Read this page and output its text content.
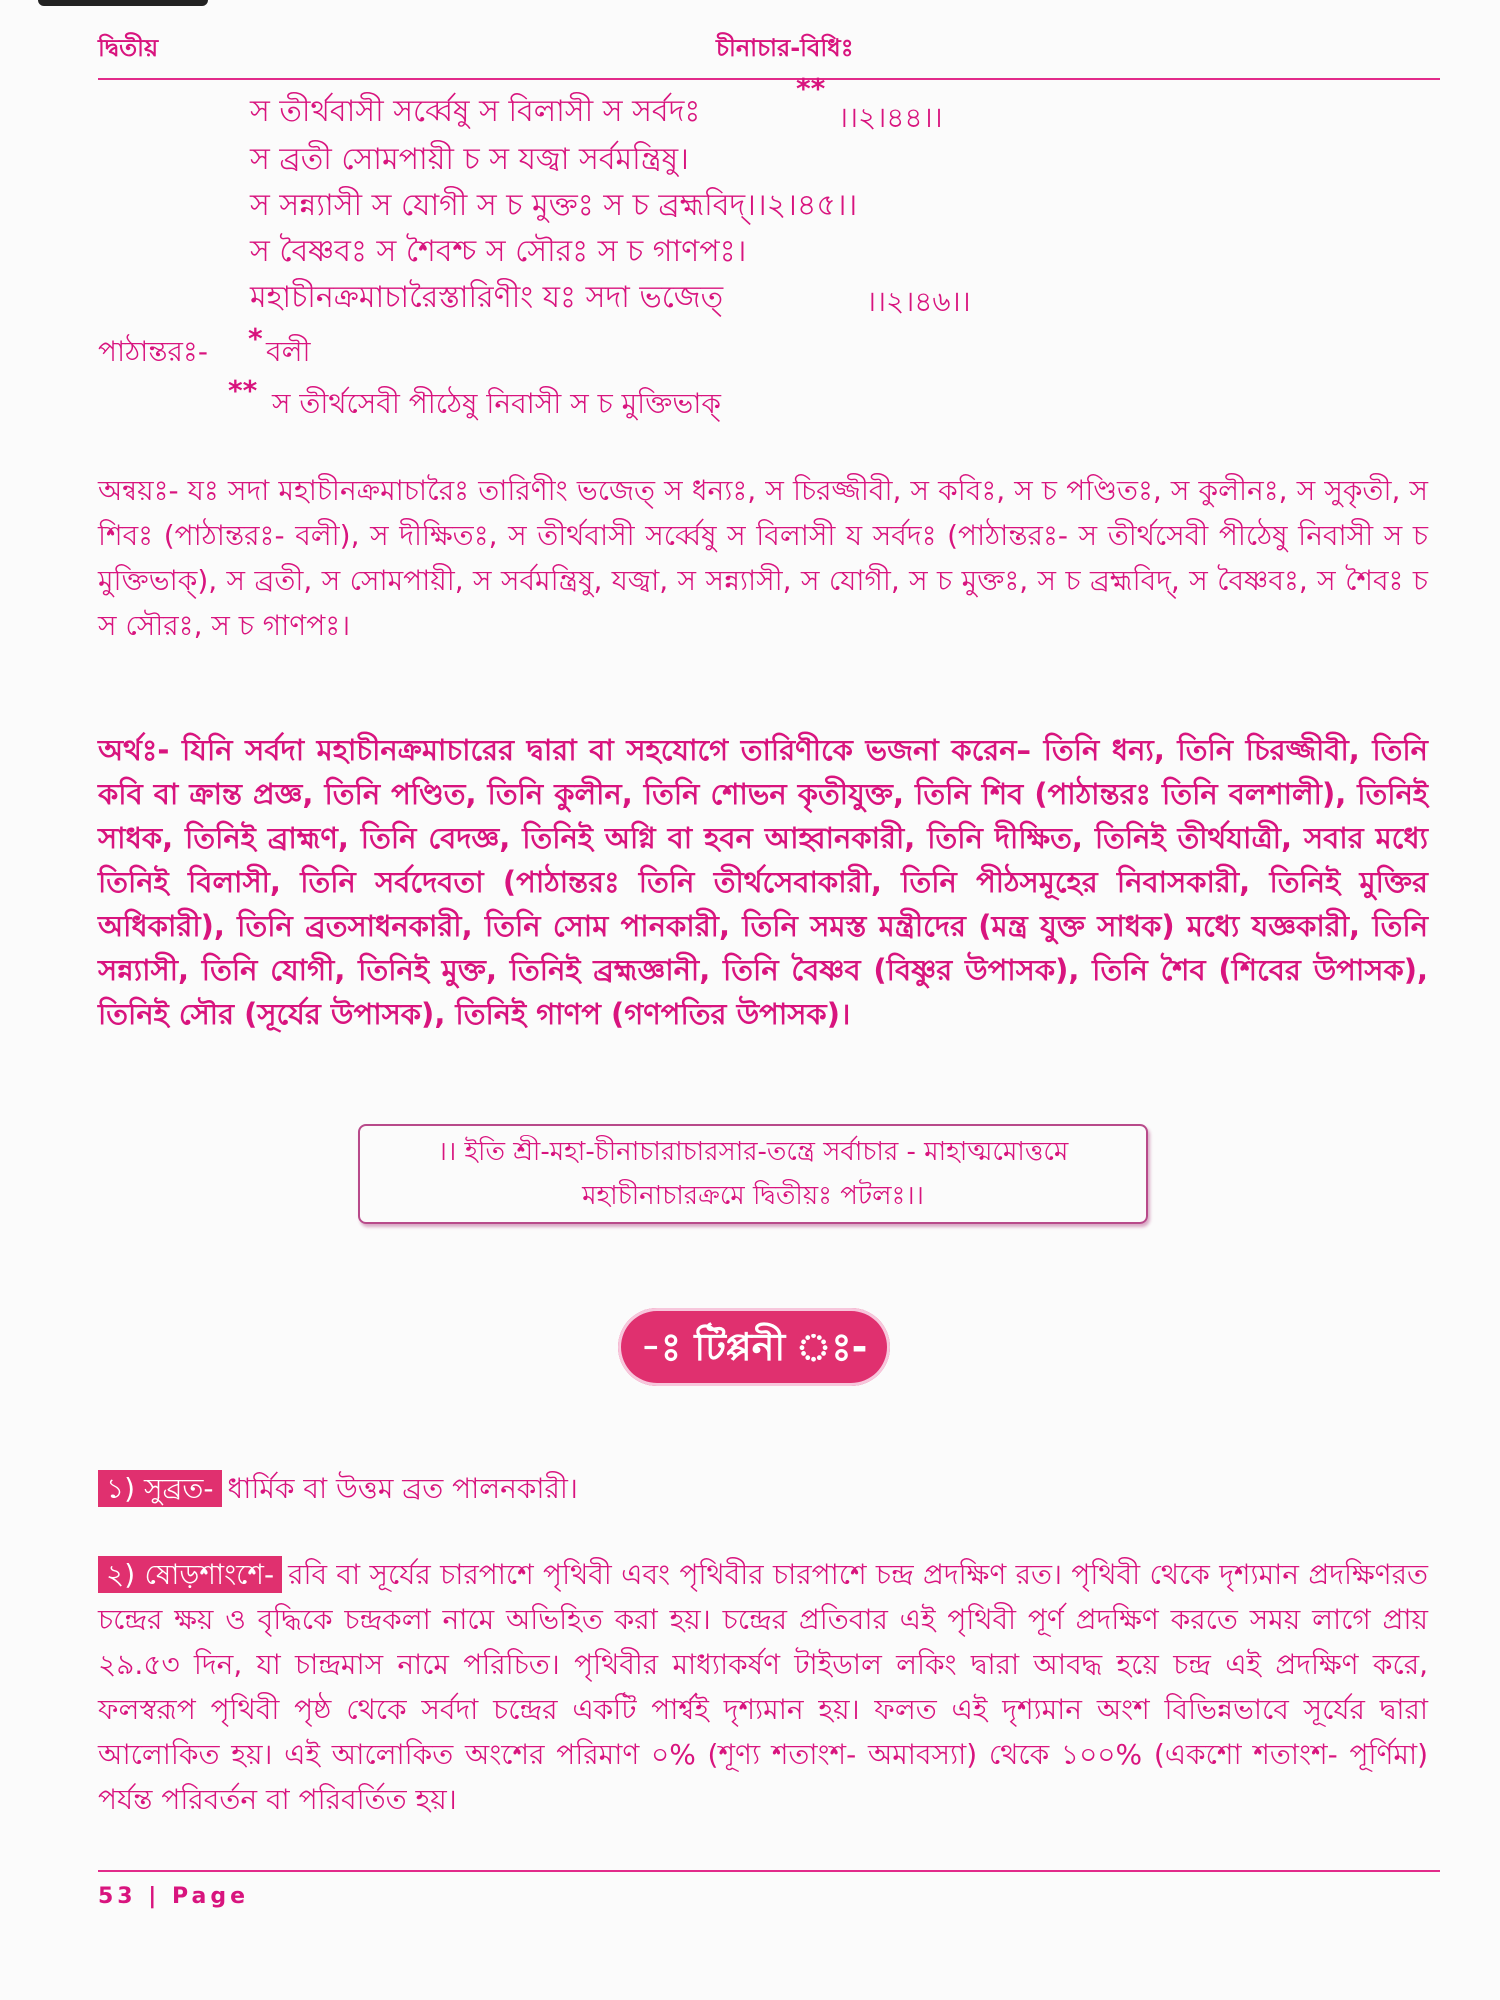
দ্বিতীয়	চীনাচার-বিধিঃ
স তীর্থবাসী সর্ব্বেষু স বিলাসী স সর্বদঃ
**
।।২।৪৪।।
স ব্রতী সোমপায়ী চ স যজ্বা সর্বমন্ত্রিষু।
স সন্ন্যাসী স যোগী স চ মুক্তঃ স চ ব্রহ্মবিদ্।।২।৪৫।।
স বৈষ্ণবঃ স শৈবশ্চ স সৌরঃ স চ গাণপঃ।
মহাচীনক্রমাচারৈস্তারিণীং যঃ সদা ভজেত্	।।২।৪৬।।
পাঠান্তরঃ- * বলী
** স তীর্থসেবী পীঠেষু নিবাসী স চ মুক্তিভাক্
অন্বয়ঃ- যঃ সদা মহাচীনক্রমাচারৈঃ তারিণীং ভজেত্ স ধন্যঃ, স চিরজ্জীবী, স কবিঃ, স চ পণ্ডিতঃ, স কুলীনঃ, স সুকৃতী, স শিবঃ (পাঠান্তরঃ- বলী), স দীক্ষিতঃ, স তীর্থবাসী সর্ব্বেষু স বিলাসী য সর্বদঃ (পাঠান্তরঃ- স তীর্থসেবী পীঠেষু নিবাসী স চ মুক্তিভাক্), স ব্রতী, স সোমপায়ী, স সর্বমন্ত্রিষু, যজ্বা, স সন্ন্যাসী, স যোগী, স চ মুক্তঃ, স চ ব্রহ্মবিদ্, স বৈষ্ণবঃ, স শৈবঃ চ স সৌরঃ, স চ গাণপঃ।
অর্থঃ- যিনি সর্বদা মহাচীনক্রমাচারের দ্বারা বা সহযোগে তারিণীকে ভজনা করেন– তিনি ধন্য, তিনি চিরজ্জীবী, তিনি কবি বা ক্রান্ত প্রজ্ঞ, তিনি পণ্ডিত, তিনি কুলীন, তিনি শোভন কৃতীযুক্ত, তিনি শিব (পাঠান্তরঃ তিনি বলশালী), তিনিই সাধক, তিনিই ব্রাহ্মণ, তিনি বেদজ্ঞ, তিনিই অগ্নি বা হবন আহ্বানকারী, তিনি দীক্ষিত, তিনিই তীর্থযাত্রী, সবার মধ্যে তিনিই বিলাসী, তিনি সর্বদেবতা (পাঠান্তরঃ তিনি তীর্থসেবাকারী, তিনি পীঠসমূহের নিবাসকারী, তিনিই মুক্তির অধিকারী), তিনি ব্রতসাধনকারী, তিনি সোম পানকারী, তিনি সমস্ত মন্ত্রীদের (মন্ত্র যুক্ত সাধক) মধ্যে যজ্ঞকারী, তিনি সন্ন্যাসী, তিনি যোগী, তিনিই মুক্ত, তিনিই ব্রহ্মজ্ঞানী, তিনি বৈষ্ণব (বিষ্ণুর উপাসক), তিনি শৈব (শিবের উপাসক), তিনিই সৌর (সূর্যের উপাসক), তিনিই গাণপ (গণপতির উপাসক)।
।। ইতি শ্রী-মহা-চীনাচারাচারসার-তন্ত্রে সর্বাচার - মাহাত্মমোত্তমে
মহাচীনাচারক্রমে দ্বিতীয়ঃ পটলঃ।।
-ঃ টিপ্পনী ঃ-
১) সুব্রত- ধার্মিক বা উত্তম ব্রত পালনকারী।
২) ষোড়শাংশে- রবি বা সূর্যের চারপাশে পৃথিবী এবং পৃথিবীর চারপাশে চন্দ্র প্রদক্ষিণ রত। পৃথিবী থেকে দৃশ্যমান প্রদক্ষিণরত চন্দ্রের ক্ষয় ও বৃদ্ধিকে চন্দ্রকলা নামে অভিহিত করা হয়। চন্দ্রের প্রতিবার এই পৃথিবী পূর্ণ প্রদক্ষিণ করতে সময় লাগে প্রায় ২৯.৫৩ দিন, যা চান্দ্রমাস নামে পরিচিত। পৃথিবীর মাধ্যাকর্ষণ টাইডাল লকিং দ্বারা আবদ্ধ হয়ে চন্দ্র এই প্রদক্ষিণ করে, ফলস্বরূপ পৃথিবী পৃষ্ঠ থেকে সর্বদা চন্দ্রের একটি পার্শ্বই দৃশ্যমান হয়। ফলত এই দৃশ্যমান অংশ বিভিন্নভাবে সূর্যের দ্বারা আলোকিত হয়। এই আলোকিত অংশের পরিমাণ ০% (শূণ্য শতাংশ- অমাবস্যা) থেকে ১০০% (একশো শতাংশ- পূর্ণিমা) পর্যন্ত পরিবর্তন বা পরিবর্তিত হয়।
53 | Page
